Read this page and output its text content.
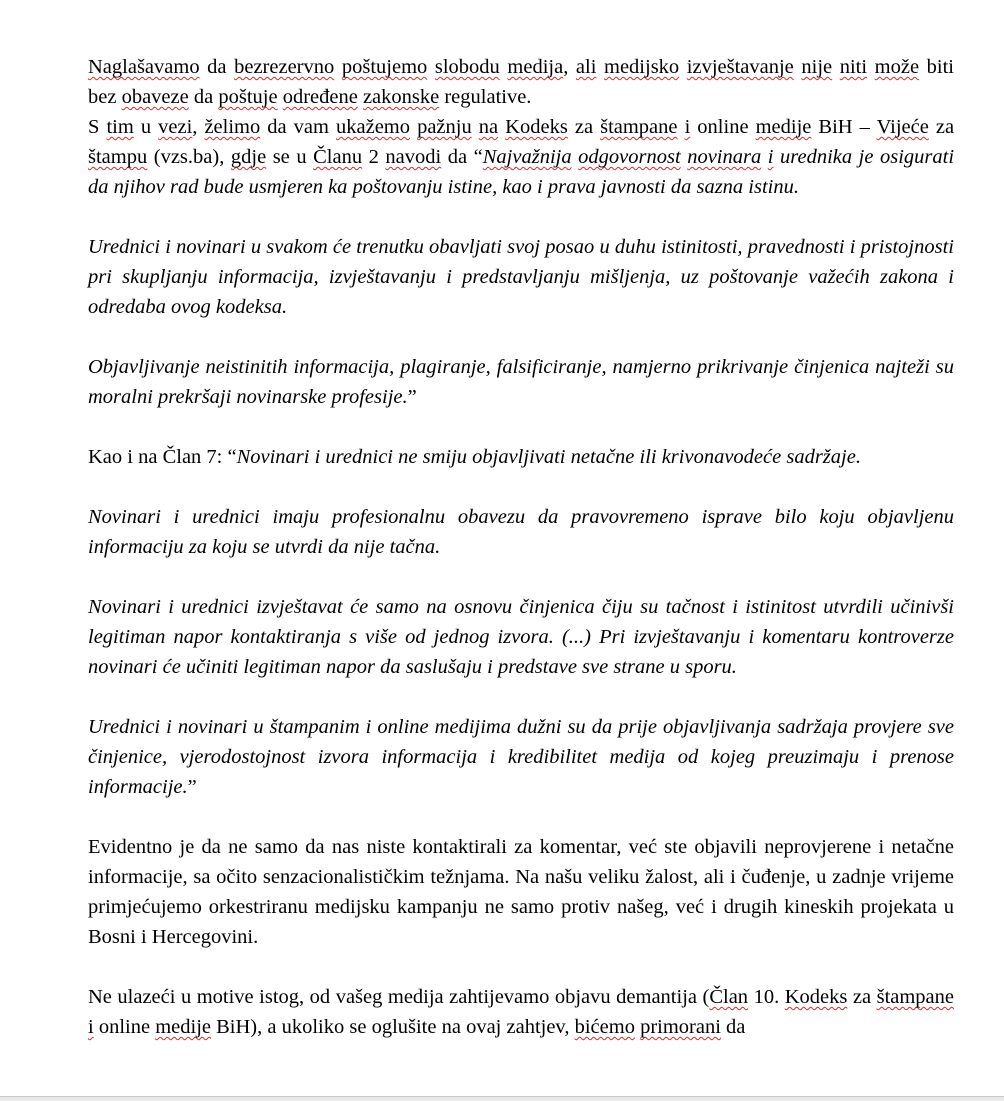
Naglašavamo da bezrezervno poštujemo slobodu medija, ali medijsko izvještavanje nije niti može biti bez obaveze da poštuje određene zakonske regulative.

S tim u vezi, želimo da vam ukažemo pažnju na Kodeks za štampane i online medije BiH – Vijeće za štampu (vzs.ba), gdje se u Članu 2 navodi da “Najvažnija odgovornost novinara i urednika je osigurati da njihov rad bude usmjeren ka poštovanju istine, kao i prava javnosti da sazna istinu.

Urednici i novinari u svakom će trenutku obavljati svoj posao u duhu istinitosti, pravednosti i pristojnosti pri skupljanju informacija, izvještavanju i predstavljanju mišljenja, uz poštovanje važećih zakona i odredaba ovog kodeksa.

Objavljivanje neistinitih informacija, plagiranje, falsificiranje, namjerno prikrivanje činjenica najteži su moralni prekršaji novinarske profesije.”

Kao i na Član 7: “Novinari i urednici ne smiju objavljivati netačne ili krivonavodeće sadržaje.

Novinari i urednici imaju profesionalnu obavezu da pravovremeno isprave bilo koju objavljenu informaciju za koju se utvrdi da nije tačna.

Novinari i urednici izvještavat će samo na osnovu činjenica čiju su tačnost i istinitost utvrdili učinivši legitiman napor kontaktiranja s više od jednog izvora. (...) Pri izvještavanju i komentaru kontroverze novinari će učiniti legitiman napor da saslušaju i predstave sve strane u sporu.

Urednici i novinari u štampanim i online medijima dužni su da prije objavljivanja sadržaja provjere sve činjenice, vjerodostojnost izvora informacija i kredibilitet medija od kojeg preuzimaju i prenose informacije.”

Evidentno je da ne samo da nas niste kontaktirali za komentar, već ste objavili neprovjerene i netačne informacije, sa očito senzacionalističkim težnjama. Na našu veliku žalost, ali i čuđenje, u zadnje vrijeme primjećujemo orkestriranu medijsku kampanju ne samo protiv našeg, već i drugih kineskih projekata u Bosni i Hercegovini.

Ne ulazeći u motive istog, od vašeg medija zahtijevamo objavu demantija (Član 10. Kodeks za štampane i online medije BiH), a ukoliko se oglušite na ovaj zahtjev, bićemo primorani da
